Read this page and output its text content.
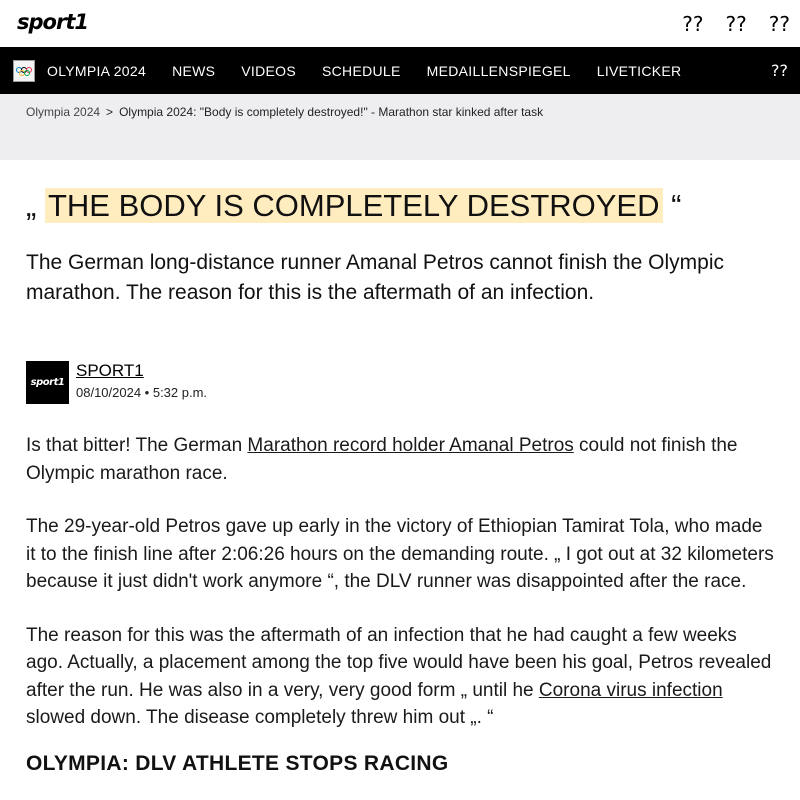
sport1	?? ?? ??
OLYMPIA 2024 NEWS VIDEOS SCHEDULE MEDAILLENSPIEGEL LIVETICKER	??
Olympia 2024 > Olympia 2024: "Body is completely destroyed!" - Marathon star kinked after task
„ THE BODY IS COMPLETELY DESTROYED “

The German long-distance runner Amanal Petros cannot finish the Olympic marathon. The reason for this is the aftermath of an infection.

sport1
SPORT1
08/10/2024 • 5:32 p.m.

Is that bitter! The German Marathon record holder Amanal Petros could not finish the Olympic marathon race.

The 29-year-old Petros gave up early in the victory of Ethiopian Tamirat Tola, who made it to the finish line after 2:06:26 hours on the demanding route. „ I got out at 32 kilometers because it just didn't work anymore “, the DLV runner was disappointed after the race.

The reason for this was the aftermath of an infection that he had caught a few weeks ago. Actually, a placement among the top five would have been his goal, Petros revealed after the run. He was also in a very, very good form „ until he Corona virus infection slowed down. The disease completely threw him out „. “

OLYMPIA: DLV ATHLETE STOPS RACING
